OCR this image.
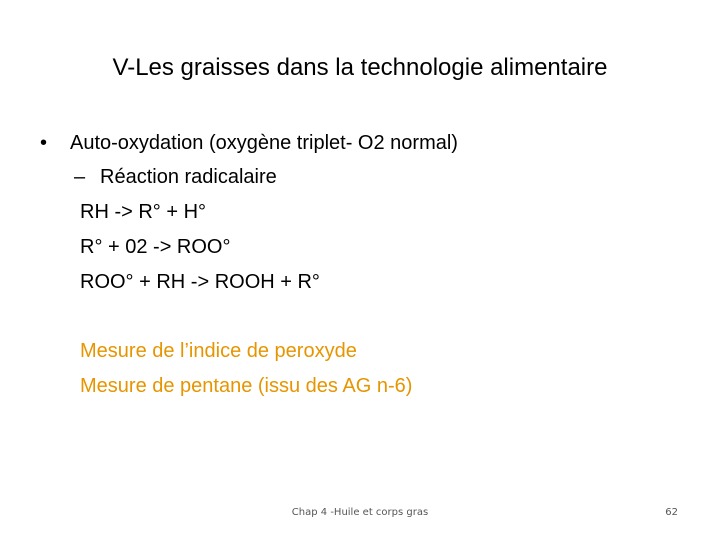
V-Les graisses dans la technologie alimentaire
• Auto-oxydation (oxygène triplet- O2 normal)
– Réaction radicalaire
RH -> R° + H°
R° + 02 -> ROO°
ROO° + RH -> ROOH + R°
Mesure de l’indice de peroxyde
Mesure de pentane (issu des AG n-6)
Chap 4 -Huile et corps gras	62
